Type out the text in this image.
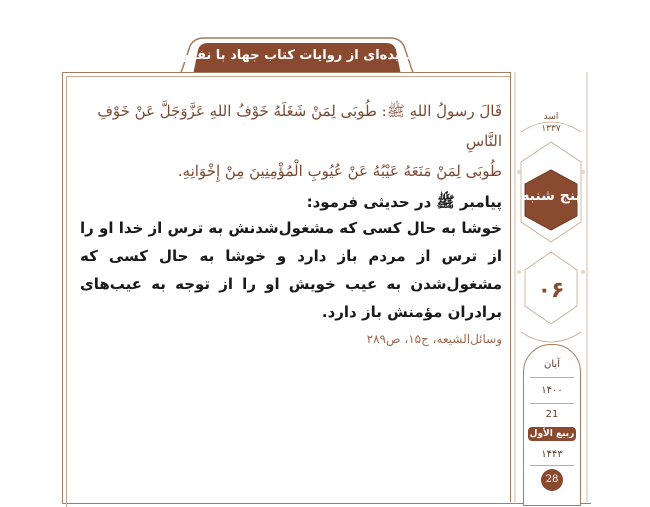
گزیده‌ای از روایات کتاب جهاد با نفس
اسد
۱۳۳۷
پنج شنبه
۰۶
آبان
۱۴۰۰
21
ربیع الأول
۱۴۴۳
28

قَالَ رسولُ اللهِ ﷺ: طُوبَى لِمَنْ شَغَلَهُ خَوْفُ اللهِ عَزَّوَجَلَّ عَنْ خَوْفِ النَّاسِ

طُوبَى لِمَنْ مَنَعَهُ عَيْبُهُ عَنْ عُيُوبِ الْمُؤْمِنِينَ مِنْ إِخْوَانِهِ.

پیامبر ﷺ در حدیثی فرمود:

خوشا به حال کسی که مشغول‌شدنش به ترس از خدا او را از ترس از مردم باز دارد و خوشا به حال کسی که مشغول‌شدن به عیب خویش او را از توجه به عیب‌های برادران مؤمنش باز دارد.

وسائل‌الشیعه، ج۱۵، ص۲۸۹
